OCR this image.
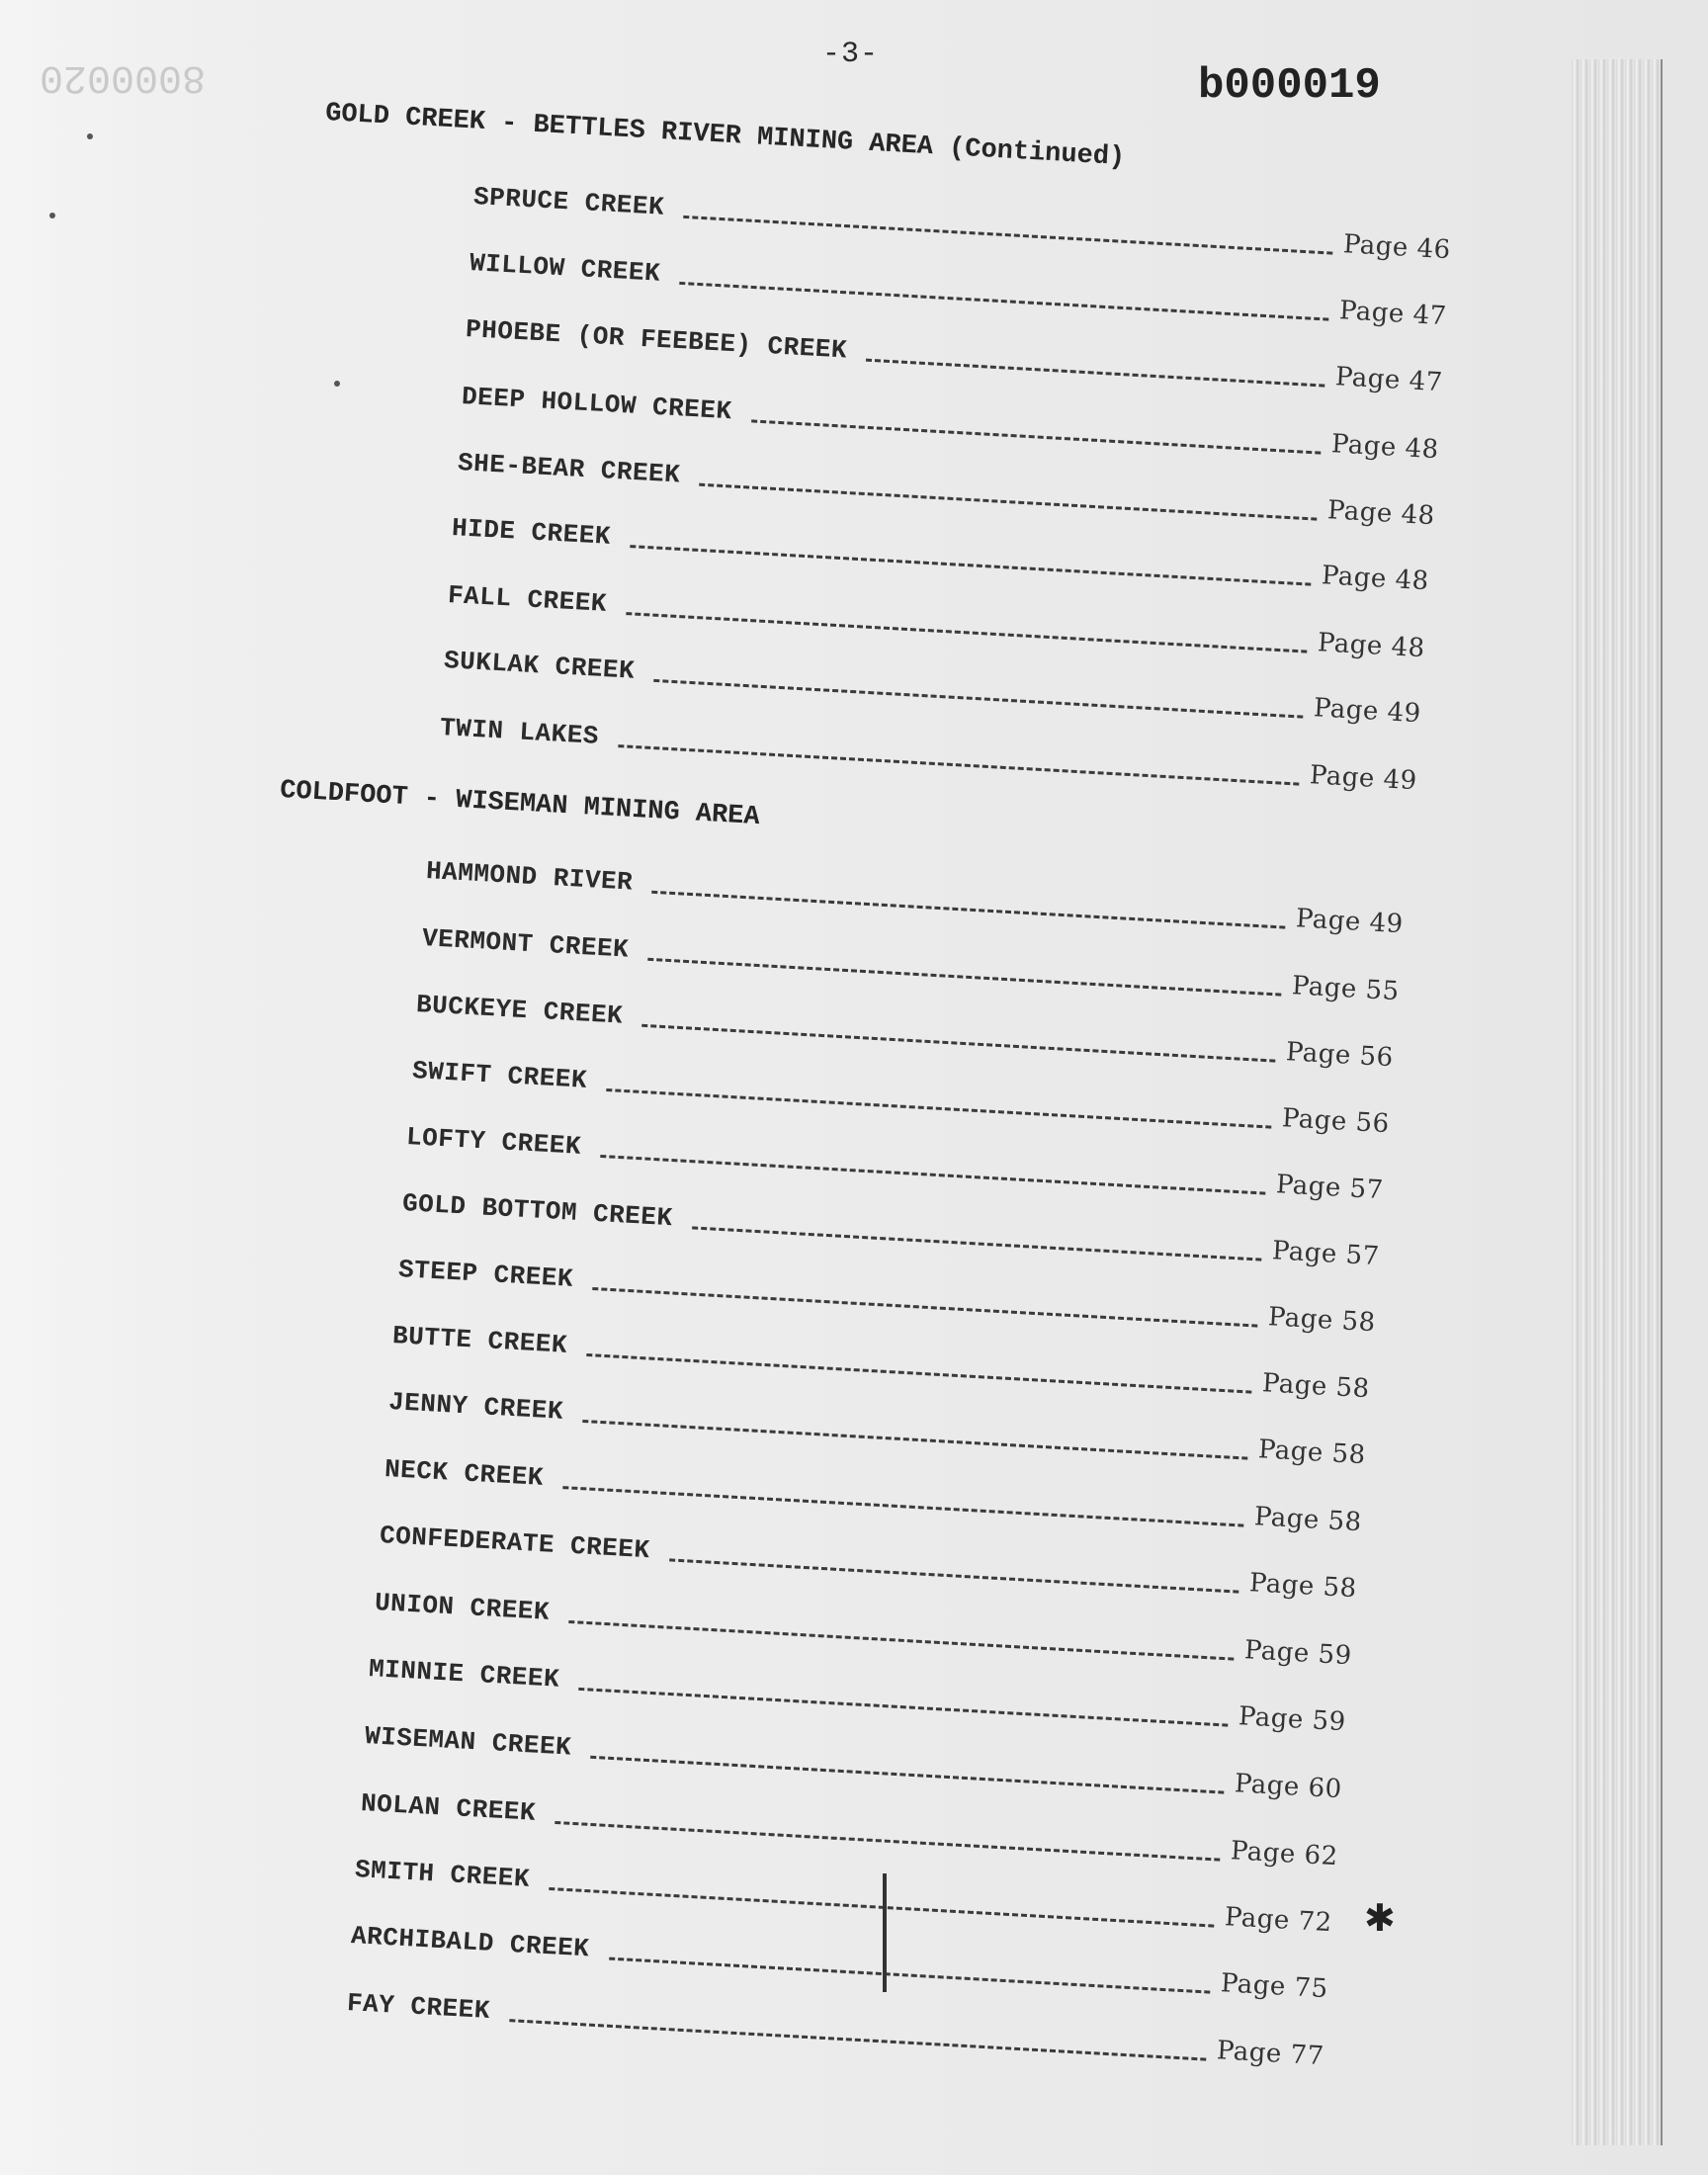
8000020	-3-
b000019
GOLD CREEK - BETTLES RIVER MINING AREA (Continued)
SPRUCE CREEK
Page 46
WILLOW CREEK
Page 47
PHOEBE (OR FEEBEE) CREEK
Page 47
DEEP HOLLOW CREEK
Page 48
SHE-BEAR CREEK
Page 48
HIDE CREEK
Page 48
FALL CREEK
Page 48
SUKLAK CREEK
Page 49
TWIN LAKES
Page 49
COLDFOOT - WISEMAN MINING AREA
HAMMOND RIVER
Page 49
VERMONT CREEK
Page 55
BUCKEYE CREEK
Page 56
SWIFT CREEK
Page 56
LOFTY CREEK
Page 57
GOLD BOTTOM CREEK
Page 57
STEEP CREEK
Page 58
BUTTE CREEK
Page 58
JENNY CREEK
Page 58
NECK CREEK
Page 58
CONFEDERATE CREEK
Page 58
UNION CREEK
Page 59
MINNIE CREEK
Page 59
WISEMAN CREEK
Page 60
NOLAN CREEK
Page 62
SMITH CREEK
Page 72
ARCHIBALD CREEK
Page 75
FAY CREEK
Page 77
✱
